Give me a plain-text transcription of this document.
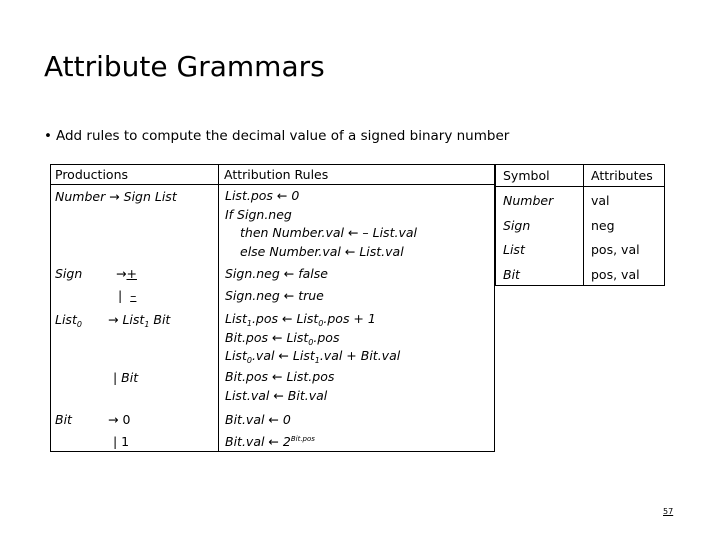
Attribute Grammars
• Add rules to compute the decimal value of a signed binary number
Productions	Attribution Rules
Number → Sign List	List.pos ← 0
If Sign.neg
then Number.val ← – List.val
else Number.val ← List.val
Sign	→+	Sign.neg ← false
| –	Sign.neg ← true
List$_0$ → List$_1$ Bit	List$_1$.pos ← List$_0$.pos + 1
Bit.pos ← List$_0$.pos
List$_0$.val ← List$_1$.val + Bit.val
| Bit	Bit.pos ← List.pos
List.val ← Bit.val
Bit	→ 0	Bit.val ← 0
| 1	Bit.val ← $2^{Bit.pos}$
Symbol	Attributes
Number	val
Sign	neg
List	pos, val
Bit	pos, val
57
